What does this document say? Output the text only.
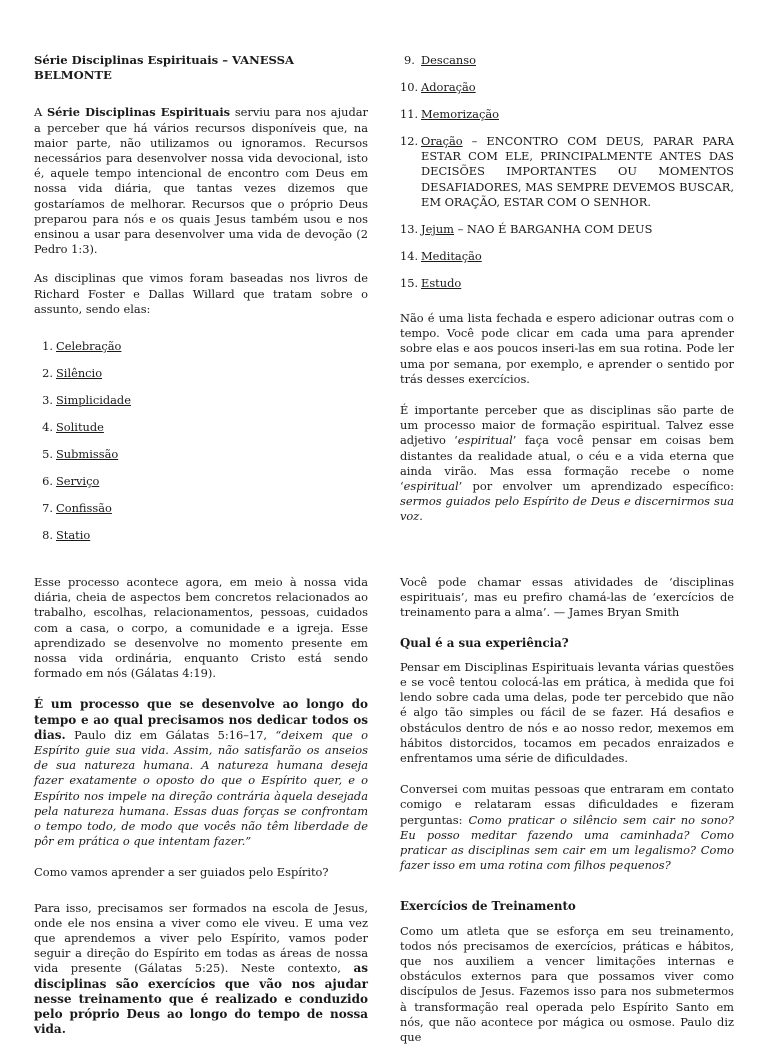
Série Disciplinas Espirituais – VANESSA BELMONTE

A Série Disciplinas Espirituais serviu para nos ajudar a perceber que há vários recursos disponíveis que, na maior parte, não utilizamos ou ignoramos. Recursos necessários para desenvolver nossa vida devocional, isto é, aquele tempo intencional de encontro com Deus em nossa vida diária, que tantas vezes dizemos que gostaríamos de melhorar. Recursos que o próprio Deus preparou para nós e os quais Jesus também usou e nos ensinou a usar para desenvolver uma vida de devoção (2 Pedro 1:3).

As disciplinas que vimos foram baseadas nos livros de Richard Foster e Dallas Willard que tratam sobre o assunto, sendo elas:

1. Celebração
2. Silêncio
3. Simplicidade
4. Solitude
5. Submissão
6. Serviço
7. Confissão
8. Statio
9. Descanso
10. Adoração
11. Memorização
12. Oração – ENCONTRO COM DEUS, PARAR PARA ESTAR COM ELE, PRINCIPALMENTE ANTES DAS DECISÕES IMPORTANTES OU MOMENTOS DESAFIADORES, MAS SEMPRE DEVEMOS BUSCAR, EM ORAÇÃO, ESTAR COM O SENHOR.
13. Jejum – NAO É BARGANHA COM DEUS
14. Meditação
15. Estudo

Não é uma lista fechada e espero adicionar outras com o tempo. Você pode clicar em cada uma para aprender sobre elas e aos poucos inseri-las em sua rotina. Pode ler uma por semana, por exemplo, e aprender o sentido por trás desses exercícios.

É importante perceber que as disciplinas são parte de um processo maior de formação espiritual. Talvez esse adjetivo ‘espiritual’ faça você pensar em coisas bem distantes da realidade atual, o céu e a vida eterna que ainda virão. Mas essa formação recebe o nome ‘espiritual’ por envolver um aprendizado específico: sermos guiados pelo Espírito de Deus e discernirmos sua voz.

Esse processo acontece agora, em meio à nossa vida diária, cheia de aspectos bem concretos relacionados ao trabalho, escolhas, relacionamentos, pessoas, cuidados com a casa, o corpo, a comunidade e a igreja. Esse aprendizado se desenvolve no momento presente em nossa vida ordinária, enquanto Cristo está sendo formado em nós (Gálatas 4:19).

É um processo que se desenvolve ao longo do tempo e ao qual precisamos nos dedicar todos os dias. Paulo diz em Gálatas 5:16–17, “deixem que o Espírito guie sua vida. Assim, não satisfarão os anseios de sua natureza humana. A natureza humana deseja fazer exatamente o oposto do que o Espírito quer, e o Espírito nos impele na direção contrária àquela desejada pela natureza humana. Essas duas forças se confrontam o tempo todo, de modo que vocês não têm liberdade de pôr em prática o que intentam fazer.”

Como vamos aprender a ser guiados pelo Espírito?

Para isso, precisamos ser formados na escola de Jesus, onde ele nos ensina a viver como ele viveu. E uma vez que aprendemos a viver pelo Espírito, vamos poder seguir a direção do Espírito em todas as áreas de nossa vida presente (Gálatas 5:25). Neste contexto, as disciplinas são exercícios que vão nos ajudar nesse treinamento que é realizado e conduzido pelo próprio Deus ao longo do tempo de nossa vida.

Você pode chamar essas atividades de ‘disciplinas espirituais’, mas eu prefiro chamá-las de ‘exercícios de treinamento para a alma’. — James Bryan Smith

Qual é a sua experiência?

Pensar em Disciplinas Espirituais levanta várias questões e se você tentou colocá-las em prática, à medida que foi lendo sobre cada uma delas, pode ter percebido que não é algo tão simples ou fácil de se fazer. Há desafios e obstáculos dentro de nós e ao nosso redor, mexemos em hábitos distorcidos, tocamos em pecados enraizados e enfrentamos uma série de dificuldades.

Conversei com muitas pessoas que entraram em contato comigo e relataram essas dificuldades e fizeram perguntas: Como praticar o silêncio sem cair no sono? Eu posso meditar fazendo uma caminhada? Como praticar as disciplinas sem cair em um legalismo? Como fazer isso em uma rotina com filhos pequenos?

Exercícios de Treinamento

Como um atleta que se esforça em seu treinamento, todos nós precisamos de exercícios, práticas e hábitos, que nos auxiliem a vencer limitações internas e obstáculos externos para que possamos viver como discípulos de Jesus. Fazemos isso para nos submetermos à transformação real operada pelo Espírito Santo em nós, que não acontece por mágica ou osmose. Paulo diz que
